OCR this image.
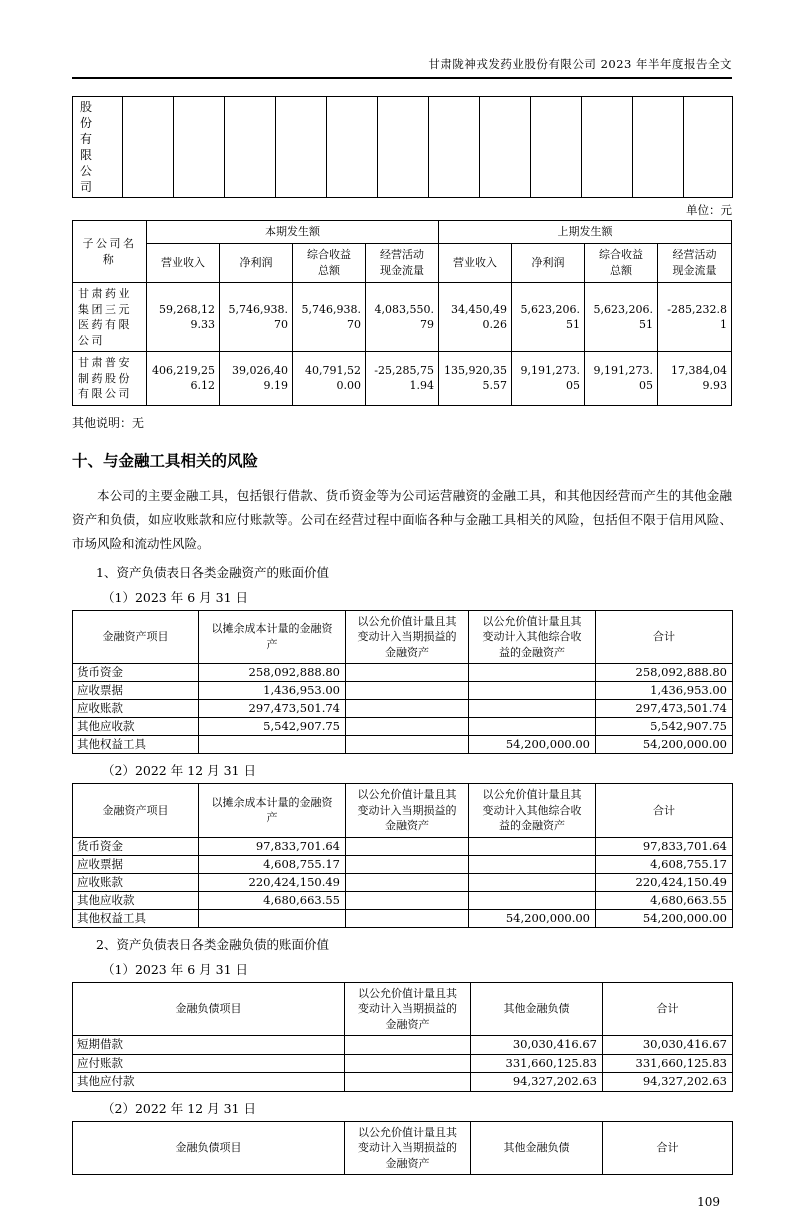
甘肃陇神戎发药业股份有限公司 2023 年半年度报告全文
股份有限公司												
单位：元
子公司名称	本期发生额				上期发生额			
	营业收入	净利润	综合收益总额	经营活动现金流量	营业收入	净利润	综合收益总额	经营活动现金流量
甘肃药业集团三元医药有限公司	59,268,129.33	5,746,938.70	5,746,938.70	4,083,550.79	34,450,490.26	5,623,206.51	5,623,206.51	-285,232.81
甘肃普安制药股份有限公司	406,219,256.12	39,026,409.19	40,791,520.00	-25,285,751.94	135,920,355.57	9,191,273.05	9,191,273.05	17,384,049.93
其他说明：无
十、与金融工具相关的风险
本公司的主要金融工具，包括银行借款、货币资金等为公司运营融资的金融工具，和其他因经营而产生的其他金融资产和负债，如应收账款和应付账款等。公司在经营过程中面临各种与金融工具相关的风险，包括但不限于信用风险、市场风险和流动性风险。
1、资产负债表日各类金融资产的账面价值
（1）2023 年 6 月 31 日
金融资产项目	以摊余成本计量的金融资产	以公允价值计量且其变动计入当期损益的金融资产	以公允价值计量且其变动计入其他综合收益的金融资产	合计
货币资金	258,092,888.80			258,092,888.80
应收票据	1,436,953.00			1,436,953.00
应收账款	297,473,501.74			297,473,501.74
其他应收款	5,542,907.75			5,542,907.75
其他权益工具			54,200,000.00	54,200,000.00
（2）2022 年 12 月 31 日
金融资产项目	以摊余成本计量的金融资产	以公允价值计量且其变动计入当期损益的金融资产	以公允价值计量且其变动计入其他综合收益的金融资产	合计
货币资金	97,833,701.64			97,833,701.64
应收票据	4,608,755.17			4,608,755.17
应收账款	220,424,150.49			220,424,150.49
其他应收款	4,680,663.55			4,680,663.55
其他权益工具			54,200,000.00	54,200,000.00
2、资产负债表日各类金融负债的账面价值
（1）2023 年 6 月 31 日
金融负债项目	以公允价值计量且其变动计入当期损益的金融资产	其他金融负债	合计
短期借款		30,030,416.67	30,030,416.67
应付账款		331,660,125.83	331,660,125.83
其他应付款		94,327,202.63	94,327,202.63
（2）2022 年 12 月 31 日
金融负债项目	以公允价值计量且其变动计入当期损益的金融资产	其他金融负债	合计
109
